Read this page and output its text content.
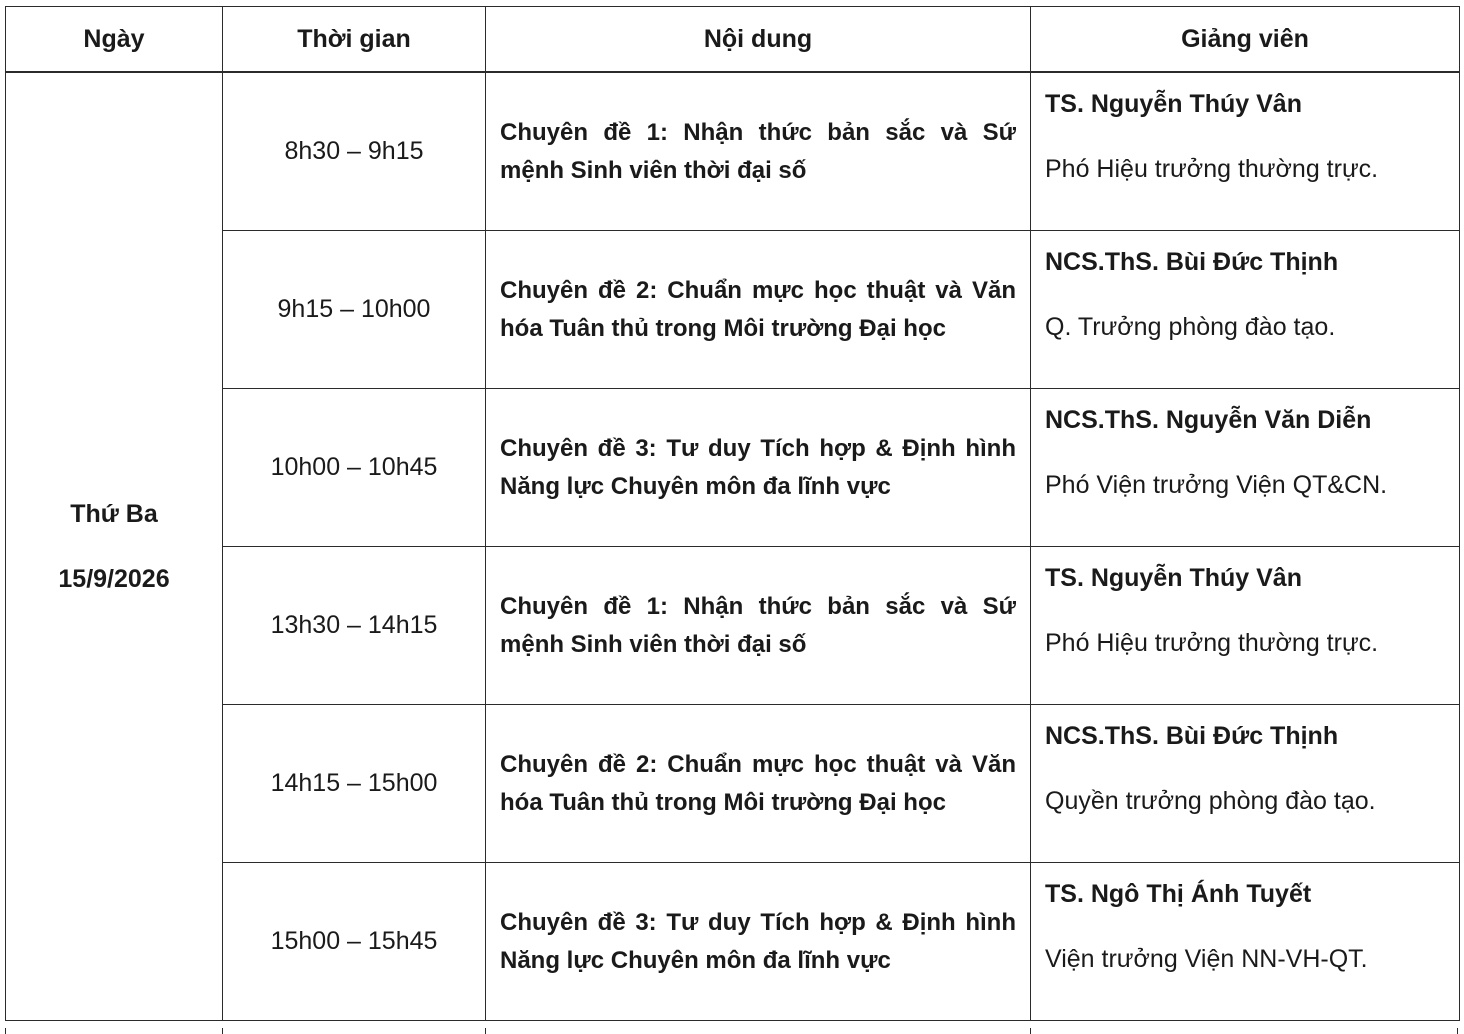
Ngày	Thời gian	Nội dung	Giảng viên

Thứ Ba
15/9/2026	8h30 – 9h15	Chuyên đề 1: Nhận thức bản sắc và Sứ mệnh Sinh viên thời đại số	TS. Nguyễn Thúy Vân
Phó Hiệu trưởng thường trực.

	9h15 – 10h00	Chuyên đề 2: Chuẩn mực học thuật và Văn hóa Tuân thủ trong Môi trường Đại học	NCS.ThS. Bùi Đức Thịnh
Q. Trưởng phòng đào tạo.

	10h00 – 10h45	Chuyên đề 3: Tư duy Tích hợp & Định hình Năng lực Chuyên môn đa lĩnh vực	NCS.ThS. Nguyễn Văn Diễn
Phó Viện trưởng Viện QT&CN.

	13h30 – 14h15	Chuyên đề 1: Nhận thức bản sắc và Sứ mệnh Sinh viên thời đại số	TS. Nguyễn Thúy Vân
Phó Hiệu trưởng thường trực.

	14h15 – 15h00	Chuyên đề 2: Chuẩn mực học thuật và Văn hóa Tuân thủ trong Môi trường Đại học	NCS.ThS. Bùi Đức Thịnh
Quyền trưởng phòng đào tạo.

	15h00 – 15h45	Chuyên đề 3: Tư duy Tích hợp & Định hình Năng lực Chuyên môn đa lĩnh vực	TS. Ngô Thị Ánh Tuyết
Viện trưởng Viện NN-VH-QT.
